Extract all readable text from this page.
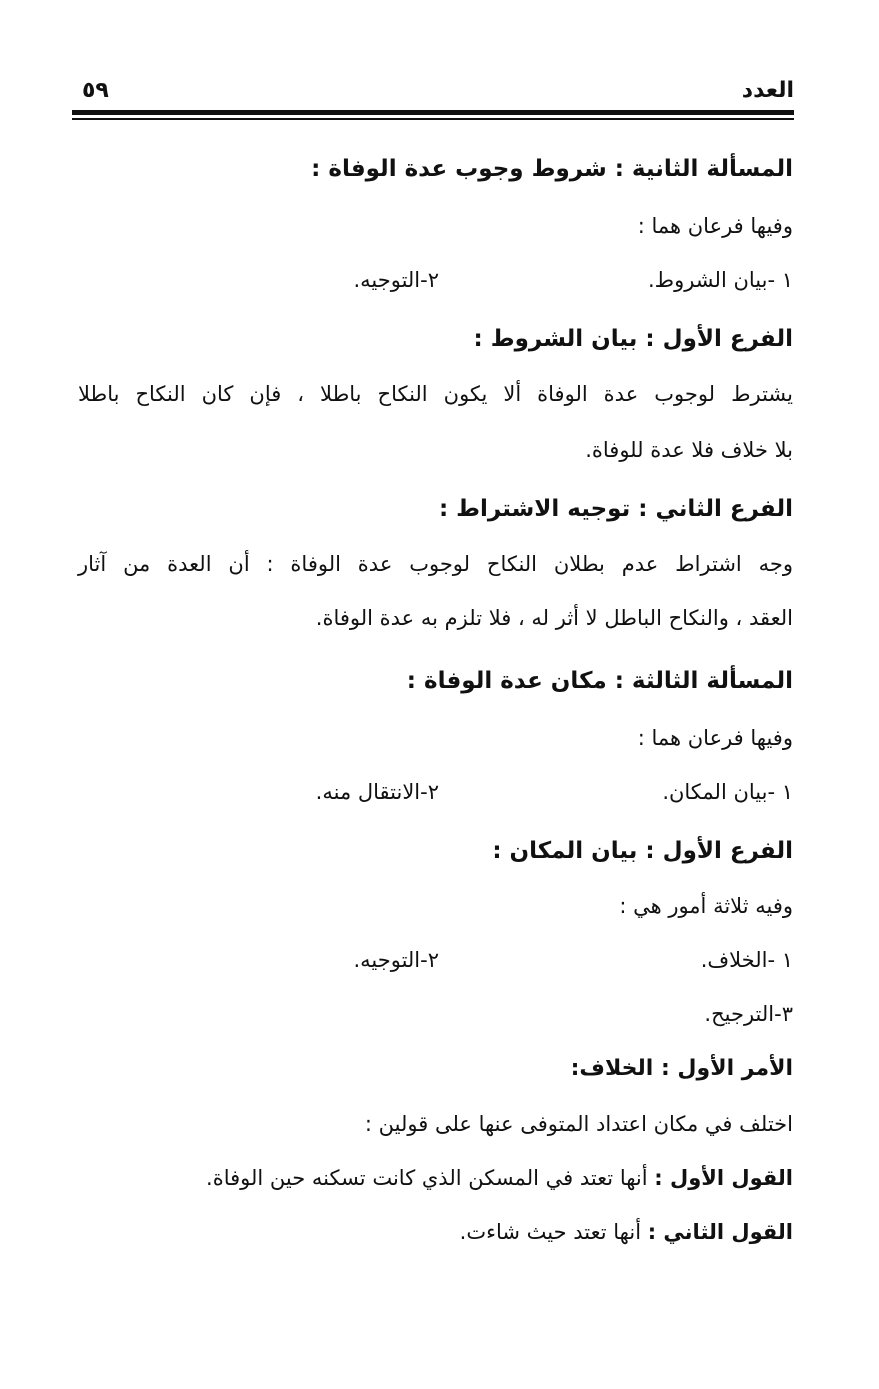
العدد
٥٩
المسألة الثانية : شروط وجوب عدة الوفاة :
وفيها فرعان هما :
١ -بيان الشروط.
٢-التوجيه.
الفرع الأول : بيان الشروط :
يشترط لوجوب عدة الوفاة ألا يكون النكاح باطلا ، فإن كان النكاح باطلا
بلا خلاف فلا عدة للوفاة.
الفرع الثاني : توجيه الاشتراط :
وجه اشتراط عدم بطلان النكاح لوجوب عدة الوفاة : أن العدة من آثار
العقد ، والنكاح الباطل لا أثر له ، فلا تلزم به عدة الوفاة.
المسألة الثالثة : مكان عدة الوفاة :
وفيها فرعان هما :
١ -بيان المكان.
٢-الانتقال منه.
الفرع الأول : بيان المكان :
وفيه ثلاثة أمور هي :
١ -الخلاف.
٢-التوجيه.
٣-الترجيح.
الأمر الأول : الخلاف:
اختلف في مكان اعتداد المتوفى عنها على قولين :
القول الأول : أنها تعتد في المسكن الذي كانت تسكنه حين الوفاة.
القول الثاني : أنها تعتد حيث شاءت.
